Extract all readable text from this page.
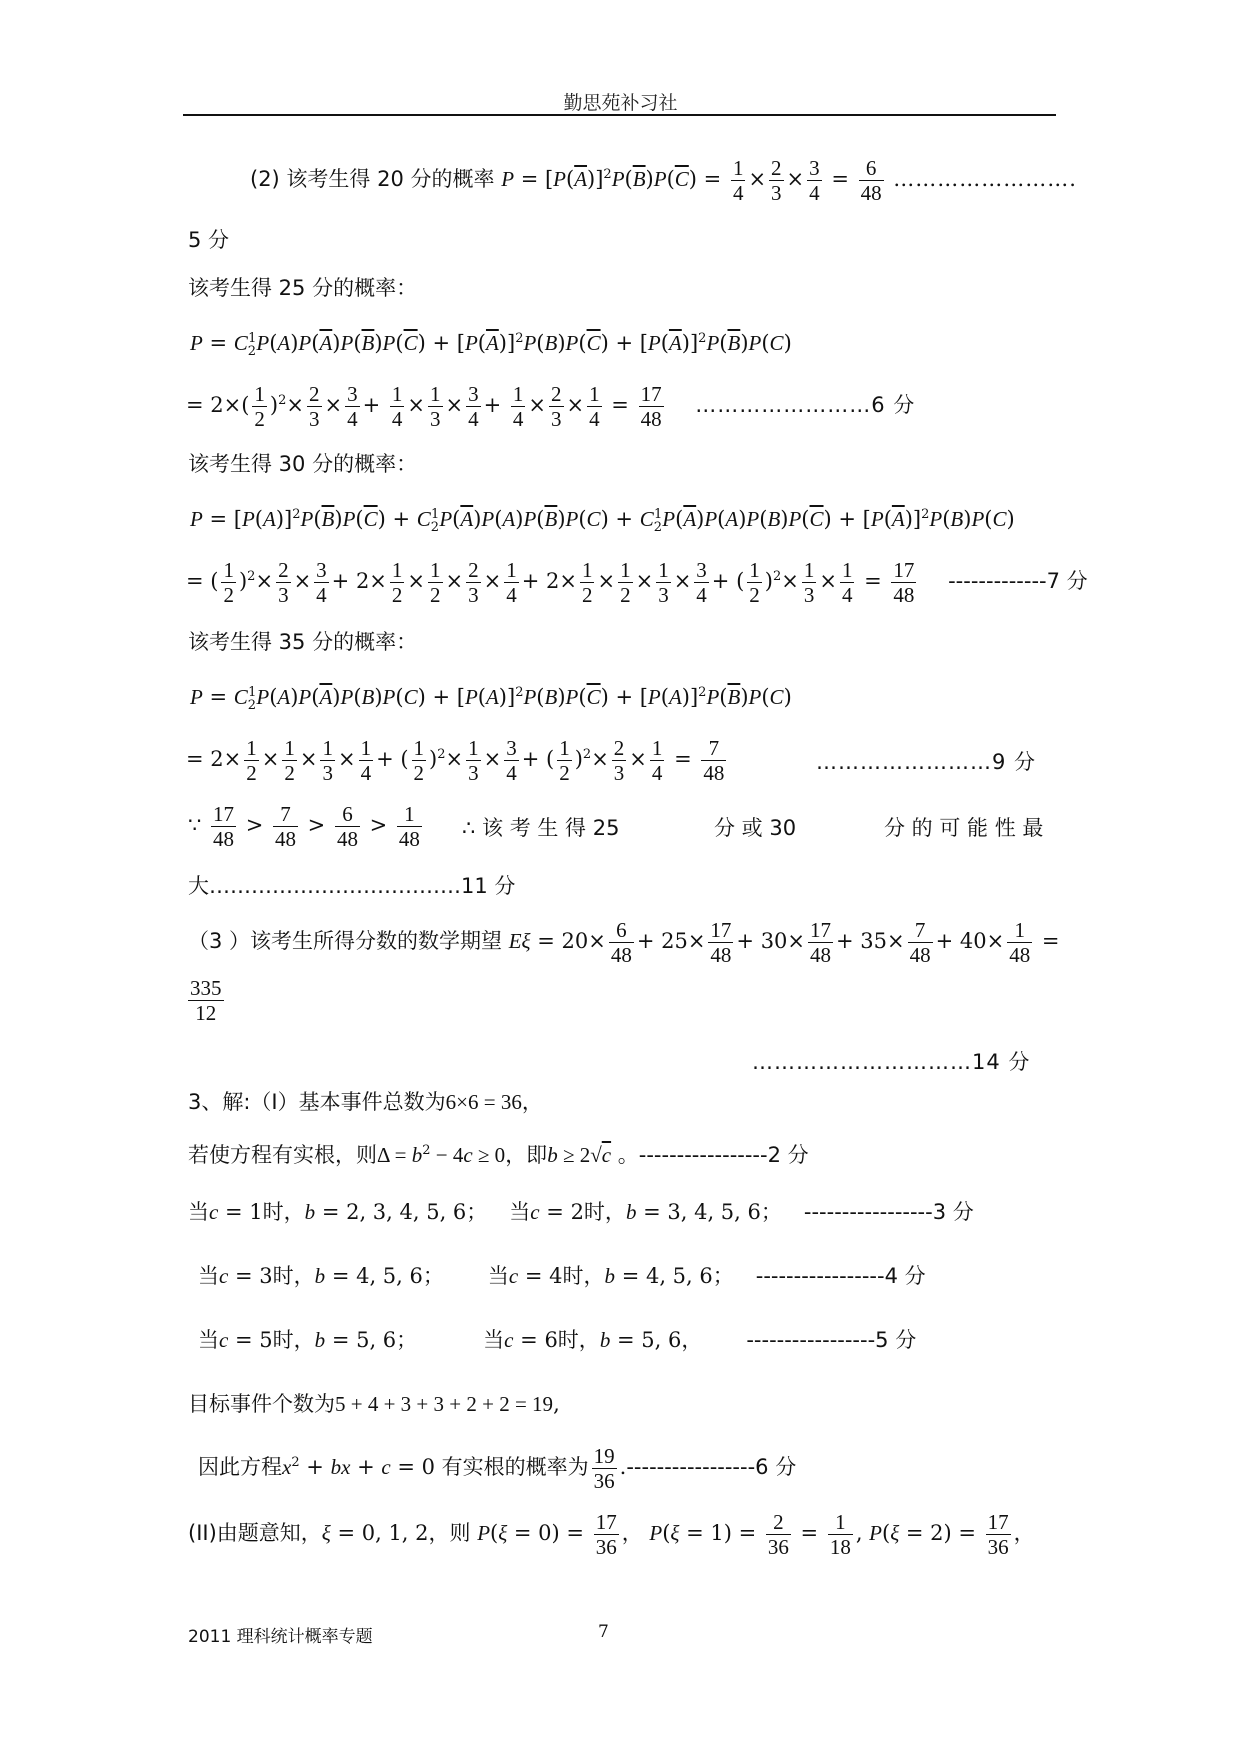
勤思苑补习社
(2) 该考生得 20 分的概率 $P = [P(\overline{A})]^2P(\overline{B})P(\overline{C}) = \frac{1}{4} \times \frac{2}{3} \times \frac{3}{4} = \frac{6}{48}$ …………………….
5 分
该考生得 25 分的概率：
$P = C_2^1P(A)P(\overline{A})P(\overline{B})P(\overline{C}) + [P(\overline{A})]^2P(B)P(\overline{C}) + [P(\overline{A})]^2P(\overline{B})P(C)$
= $2\times( \frac{1}{2} )^2\times \frac{2}{3} \times \frac{3}{4} + \frac{1}{4} \times \frac{1}{3} \times \frac{3}{4} + \frac{1}{4} \times \frac{2}{3} \times \frac{1}{4} = \frac{17}{48}$ ……………………6 分
该考生得 30 分的概率：
$P = [P(A)]^2P(\overline{B})P(\overline{C}) + C_2^1P(\overline{A})P(A)P(\overline{B})P(C) + C_2^1P(\overline{A})P(A)P(B)P(\overline{C}) + [P(\overline{A})]^2P(B)P(C)$
= ( $\frac{1}{2} )^2\times \frac{2}{3} \times \frac{3}{4} + 2\times \frac{1}{2} \times \frac{1}{2} \times \frac{2}{3} \times \frac{1}{4} + 2\times \frac{1}{2} \times \frac{1}{2} \times \frac{1}{3} \times \frac{3}{4}$ + ( $\frac{1}{2} )^2\times \frac{1}{3} \times \frac{1}{4} = \frac{17}{48} -------------7$ 分
该考生得 35 分的概率：
$P = C_2^1P(A)P(\overline{A})P(B)P(C) + [P(A)]^2P(B)P(\overline{C}) + [P(A)]^2P(\overline{B})P(C)$
= $2\times \frac{1}{2} \times \frac{1}{2} \times \frac{1}{3} \times \frac{1}{4}$ + ( $\frac{1}{2} )^2\times \frac{1}{3} \times \frac{3}{4}$ + ( $\frac{1}{2} )^2\times \frac{2}{3} \times \frac{1}{4} = \frac{7}{48}$	……………………9 分
∵ $\frac{17}{48} > \frac{7}{48} > \frac{6}{48} > \frac{1}{48}$ ∴ 该 考 生 得 25	分 或 30	分 的 可 能 性 最
大………………………………11 分
（3 ）该考生所得分数的数学期望 $E\xi = 20\times \frac{6}{48} + 25\times \frac{17}{48} + 30\times \frac{17}{48} + 35\times \frac{7}{48} + 40\times \frac{1}{48}$ =
$\frac{335}{12}$
…………………………14 分
3、解:（I）基本事件总数为6×6 = 36，
若使方程有实根，则$\Delta = b^2 - 4c \ge 0$，即b ≥ 2√c 。-----------------2 分
当c = 1时，b = 2, 3, 4, 5, 6； 当c = 2时，b = 3, 4, 5, 6； -----------------3 分
当c = 3时，b = 4, 5, 6； 当c = 4时，b = 4, 5, 6； -----------------4 分
当c = 5时，b = 5, 6；	当c = 6时，b = 5, 6， -----------------5 分
目标事件个数为5 + 4 + 3 + 3 + 2 + 2 = 19,
因此方程$x^2$ + bx + c = 0 有实根的概率为 $\frac{19}{36} .-----------------6$ 分
(II)由题意知，ξ = 0, 1, 2，则 $P(\xi = 0) = \frac{17}{36}$ ， $P(\xi = 1) = \frac{2}{36} = \frac{1}{18}$ , $P(\xi = 2) = \frac{17}{36}$ ，
2011 理科统计概率专题	7
